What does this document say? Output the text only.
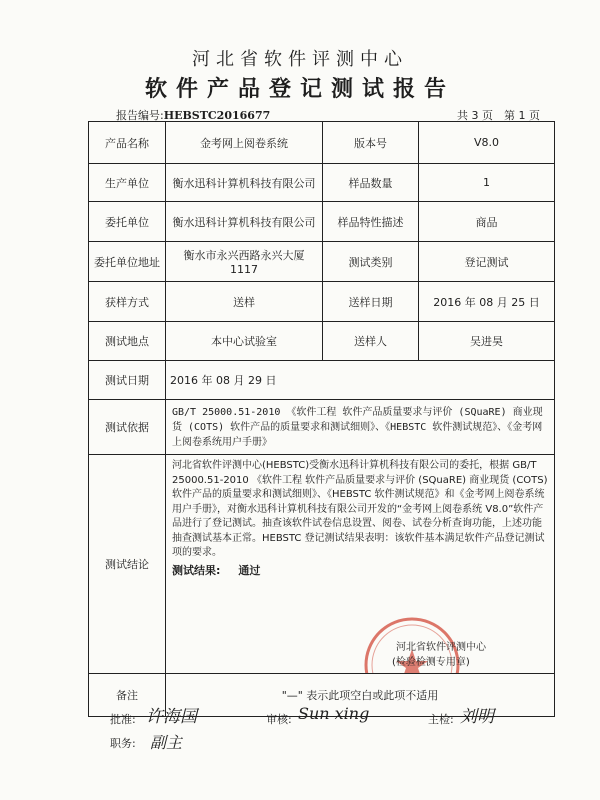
河北省软件评测中心
软件产品登记测试报告
报告编号:HEBSTC2016677	共 3 页　第 1 页
产品名称	金考网上阅卷系统	版本号	V8.0
生产单位	衡水迅科计算机科技有限公司	样品数量	1
委托单位	衡水迅科计算机科技有限公司	样品特性描述	商品
委托单位地址	衡水市永兴西路永兴大厦 1117	测试类别	登记测试
获样方式	送样	送样日期	2016 年 08 月 25 日
测试地点	本中心试验室	送样人	吴进昊
测试日期	2016 年 08 月 29 日		
测试依据	GB/T 25000.51-2010 《软件工程 软件产品质量要求与评价 (SQuaRE) 商业现货 (COTS) 软件产品的质量要求和测试细则》、《HEBSTC 软件测试规范》、《金考网上阅卷系统用户手册》		
测试结论	河北省软件评测中心(HEBSTC)受衡水迅科计算机科技有限公司的委托，根据 GB/T 25000.51-2010 《软件工程 软件产品质量要求与评价 (SQuaRE) 商业现货 (COTS) 软件产品的质量要求和测试细则》、《HEBSTC 软件测试规范》和《金考网上阅卷系统用户手册》，对衡水迅科计算机科技有限公司开发的“金考网上阅卷系统 V8.0”软件产品进行了登记测试。抽查该软件试卷信息设置、阅卷、试卷分析查询功能，上述功能抽查测试基本正常。HEBSTC 登记测试结果表明：该软件基本满足软件产品登记测试项的要求。
测试结果: 通过
河北省软件评测中心
(检验检测专用章)		

备注	"—" 表示此项空白或此项不适用		
批准: 许海国	审核: Sun xing	主检: 刘明
职务: 副主
